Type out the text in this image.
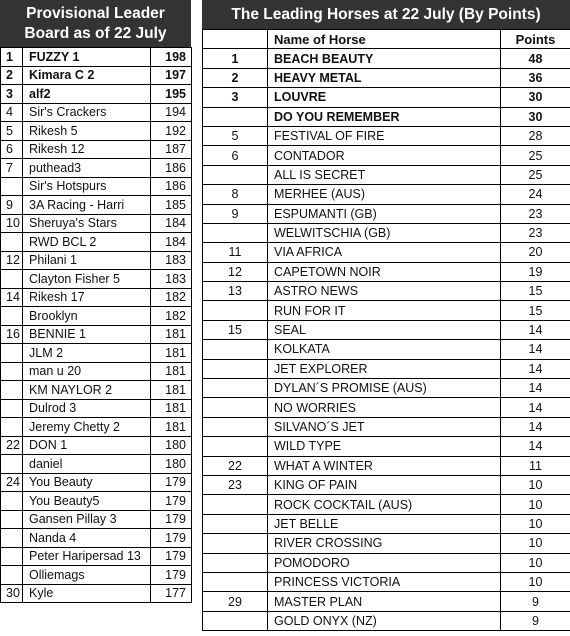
Provisional Leader
Board as of 22 July
1	FUZZY 1	198
2	Kimara C 2	197
3	alf2	195
4	Sir's Crackers	194
5	Rikesh 5	192
6	Rikesh 12	187
7	puthead3	186
	Sir's Hotspurs	186
9	3A Racing - Harri	185
10	Sheruya's Stars	184
	RWD BCL 2	184
12	Philani 1	183
	Clayton Fisher 5	183
14	Rikesh 17	182
	Brooklyn	182
16	BENNIE 1	181
	JLM 2	181
	man u 20	181
	KM NAYLOR 2	181
	Dulrod 3	181
	Jeremy Chetty 2	181
22	DON 1	180
	daniel	180
24	You Beauty	179
	You Beauty5	179
	Gansen Pillay 3	179
	Nanda 4	179
	Peter Haripersad 13	179
	Olliemags	179
30	Kyle	177
The Leading Horses at 22 July (By Points)
	Name of Horse	Points
1	BEACH BEAUTY	48
2	HEAVY METAL	36
3	LOUVRE	30
	DO YOU REMEMBER	30
5	FESTIVAL OF FIRE	28
6	CONTADOR	25
	ALL IS SECRET	25
8	MERHEE (AUS)	24
9	ESPUMANTI (GB)	23
	WELWITSCHIA (GB)	23
11	VIA AFRICA	20
12	CAPETOWN NOIR	19
13	ASTRO NEWS	15
	RUN FOR IT	15
15	SEAL	14
	KOLKATA	14
	JET EXPLORER	14
	DYLAN´S PROMISE (AUS)	14
	NO WORRIES	14
	SILVANO´S JET	14
	WILD TYPE	14
22	WHAT A WINTER	11
23	KING OF PAIN	10
	ROCK COCKTAIL (AUS)	10
	JET BELLE	10
	RIVER CROSSING	10
	POMODORO	10
	PRINCESS VICTORIA	10
29	MASTER PLAN	9
	GOLD ONYX (NZ)	9
